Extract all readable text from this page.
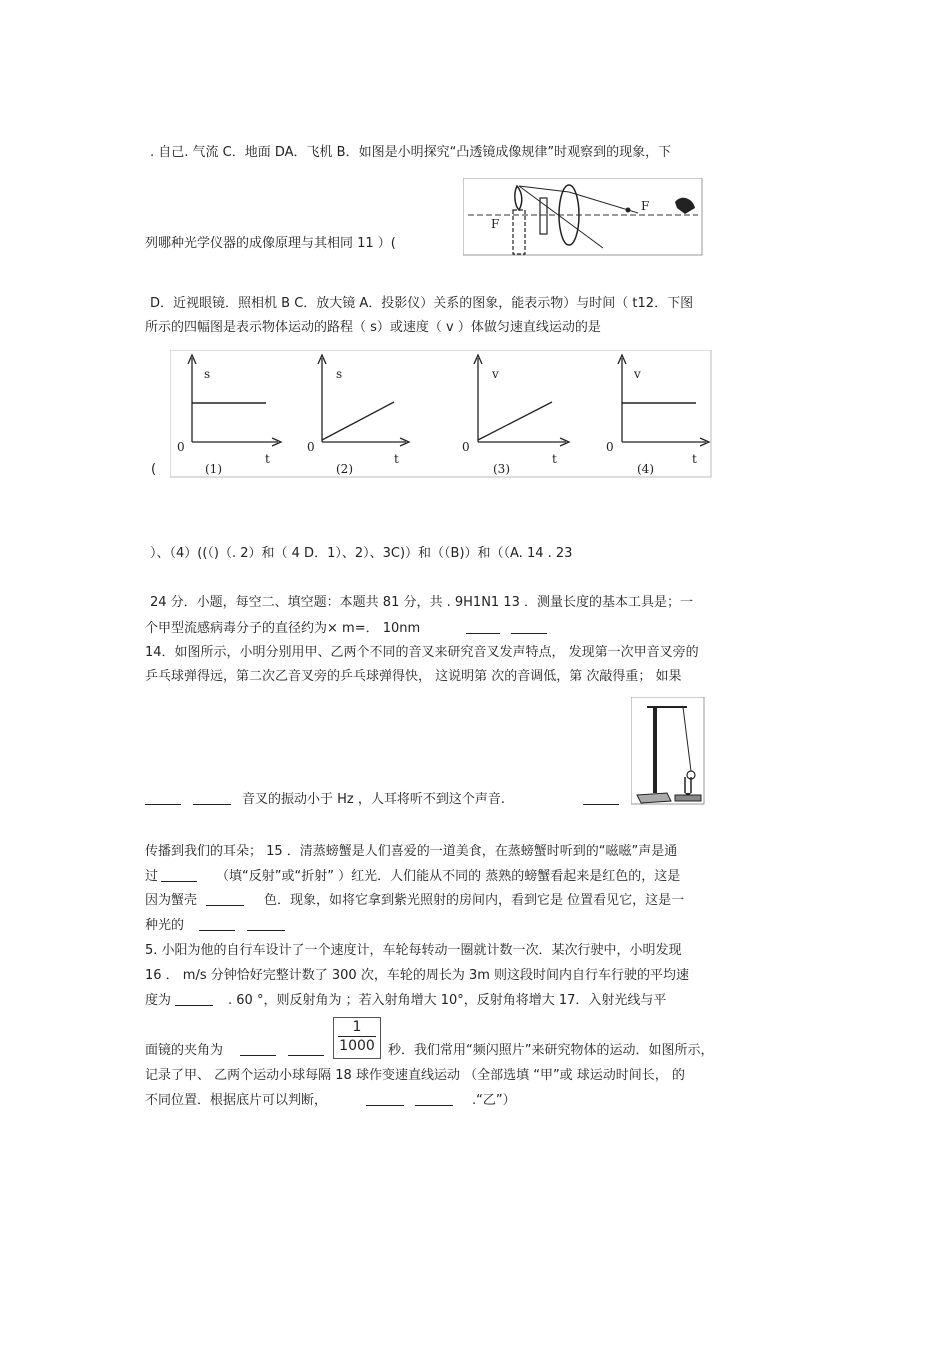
. 自己. 气流 C．地面 DA．飞机 B．如图是小明探究“凸透镜成像规律”时观察到的现象，下
F
F
列哪种光学仪器的成像原理与其相同 11 ）(
D．近视眼镜．照相机 B C．放大镜 A．投影仪）关系的图象，能表示物）与时间（ t12．下图
所示的四幅图是表示物体运动的路程（ s）或速度（ v ）体做匀速直线运动的是
(
s
t
0
(1)
s
t
0
(2)
v
t
0
(3)
v
t
0
(4)
）、（4）((（)（. 2）和（ 4 D．1）、2）、3C)）和（（B)）和（（A. 14 . 23
24 分．小题，每空二、填空题：本题共 81 分，共 . 9H1N1 13 ．测量长度的基本工具是；一
个甲型流感病毒分子的直径约为× m=． 10nm
14．如图所示，小明分别用甲、乙两个不同的音叉来研究音叉发声特点， 发现第一次甲音叉旁的
乒乓球弹得远，第二次乙音叉旁的乒乓球弹得快， 这说明第 次的音调低，第 次敲得重； 如果
音叉的振动小于 Hz ，人耳将听不到这个声音.
传播到我们的耳朵； 15 ．清蒸螃蟹是人们喜爱的一道美食，在蒸螃蟹时听到的“嗞嗞”声是通
过	（填“反射”或“折射” ）红光．人们能从不同的 蒸熟的螃蟹看起来是红色的，这是
因为蟹壳	色．现象，如将它拿到紫光照射的房间内，看到它是 位置看见它，这是一
种光的
5. 小阳为他的自行车设计了一个速度计，车轮每转动一圈就计数一次．某次行驶中，小明发现
16 ． m/s 分钟恰好完整计数了 300 次，车轮的周长为 3m 则这段时间内自行车行驶的平均速
度为	. 60 °，则反射角为 ；若入射角增大 10°，反射角将增大 17．入射光线与平
1
1000
面镜的夹角为	秒．我们常用“频闪照片”来研究物体的运动．如图所示，
记录了甲、 乙两个运动小球每隔 18 球作变速直线运动 （全部选填 “甲”或 球运动时间长， 的
不同位置．根据底片可以判断，	.“乙”）
